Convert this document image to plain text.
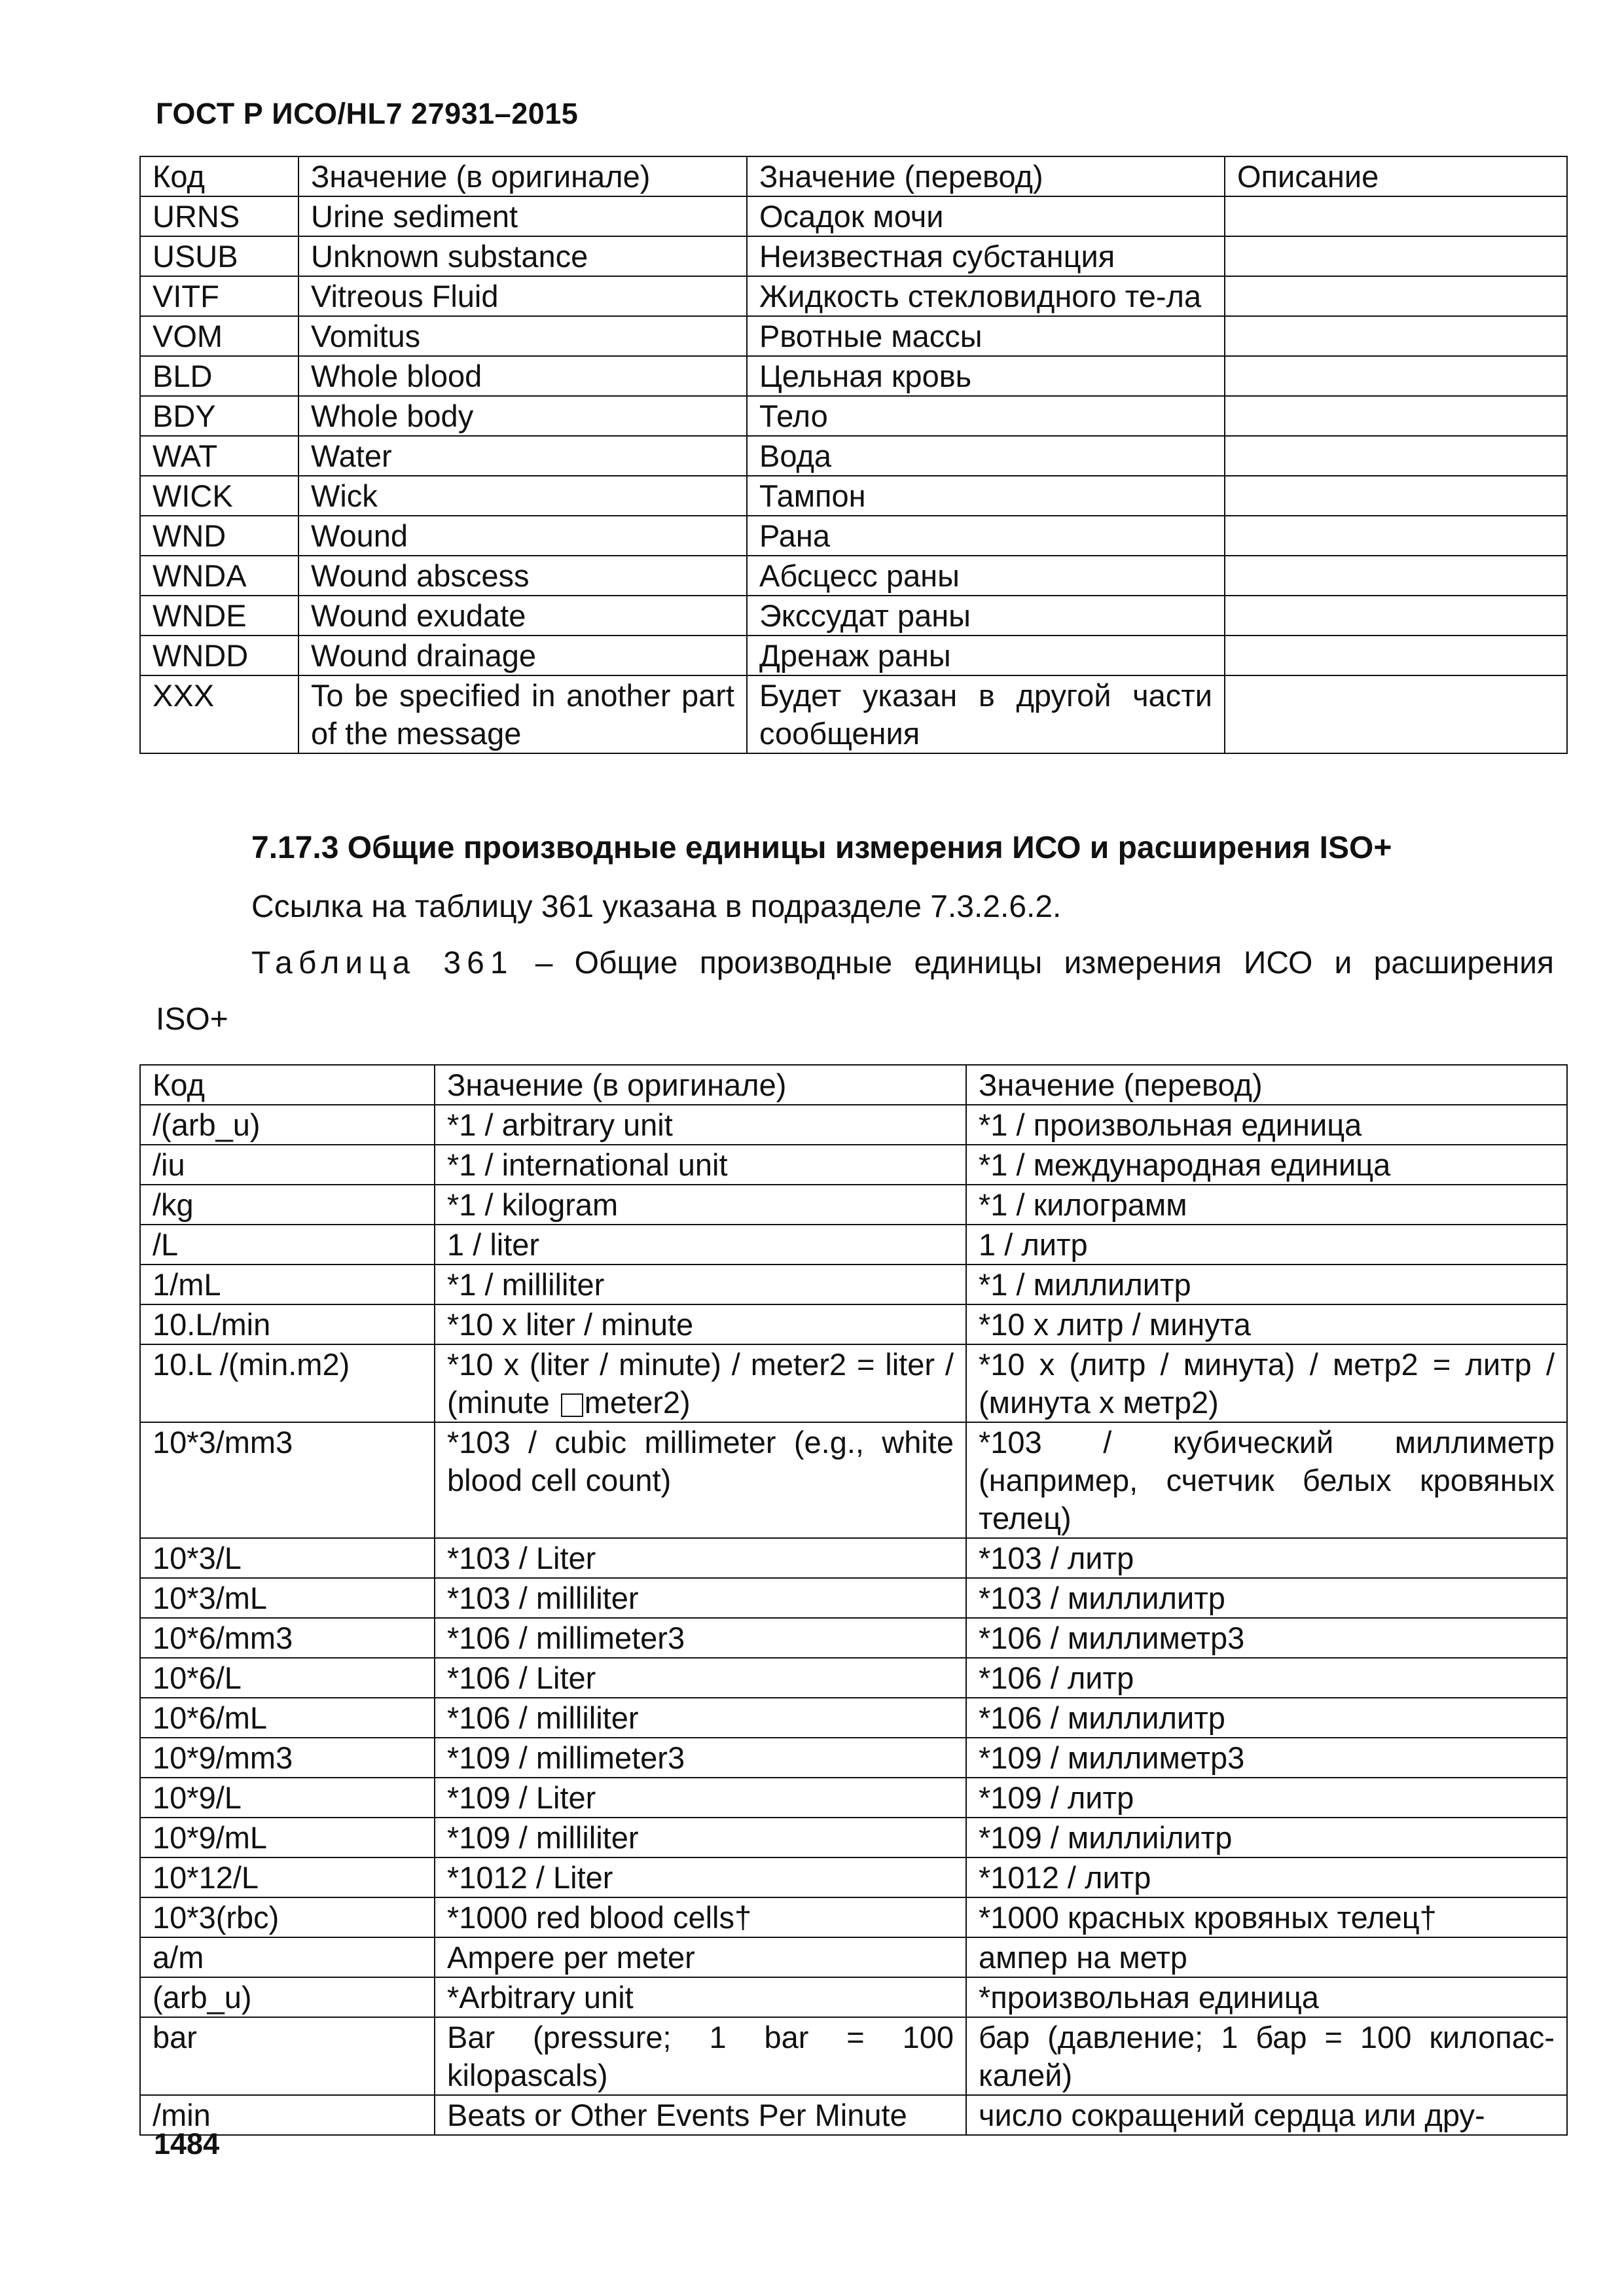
ГОСТ Р ИСО/HL7 27931–2015
Код	Значение (в оригинале)	Значение (перевод)	Описание
URNS	Urine sediment	Осадок мочи	
USUB	Unknown substance	Неизвестная субстанция	
VITF	Vitreous Fluid	Жидкость стекловидного те-ла	
VOM	Vomitus	Рвотные массы	
BLD	Whole blood	Цельная кровь	
BDY	Whole body	Тело	
WAT	Water	Вода	
WICK	Wick	Тампон	
WND	Wound	Рана	
WNDA	Wound abscess	Абсцесс раны	
WNDE	Wound exudate	Экссудат раны	
WNDD	Wound drainage	Дренаж раны	
XXX	To be specified in another part of the message	Будет указан в другой части сообщения	
7.17.3 Общие производные единицы измерения ИСО и расширения ISO+
Ссылка на таблицу 361 указана в подразделе 7.3.2.6.2.
Таблица 361 – Общие производные единицы измерения ИСО и расширения
ISO+
Код	Значение (в оригинале)	Значение (перевод)
/(arb_u)	*1 / arbitrary unit	*1 / произвольная единица
/iu	*1 / international unit	*1 / международная единица
/kg	*1 / kilogram	*1 / килограмм
/L	1 / liter	1 / литр
1/mL	*1 / milliliter	*1 / миллилитр
10.L/min	*10 x liter / minute	*10 x литр / минута
10.L /(min.m2)	*10 x (liter / minute) / meter2 = liter / (minute meter2)	*10 x (литр / минута) / метр2 = литр / (минута х метр2)
10*3/mm3	*103 / cubic millimeter (e.g., white blood cell count)	*103 / кубический миллиметр (например, счетчик белых кровяных телец)
10*3/L	*103 / Liter	*103 / литр
10*3/mL	*103 / milliliter	*103 / миллилитр
10*6/mm3	*106 / millimeter3	*106 / миллиметр3
10*6/L	*106 / Liter	*106 / литр
10*6/mL	*106 / milliliter	*106 / миллилитр
10*9/mm3	*109 / millimeter3	*109 / миллиметр3
10*9/L	*109 / Liter	*109 / литр
10*9/mL	*109 / milliliter	*109 / миллиiлитр
10*12/L	*1012 / Liter	*1012 / литр
10*3(rbc)	*1000 red blood cells†	*1000 красных кровяных телец†
a/m	Ampere per meter	ампер на метр
(arb_u)	*Arbitrary unit	*произвольная единица
bar	Bar (pressure; 1 bar = 100 kilopascals)	бар (давление; 1 бар = 100 килопас-калей)
/min	Beats or Other Events Per Minute	число сокращений сердца или дру-
1484
